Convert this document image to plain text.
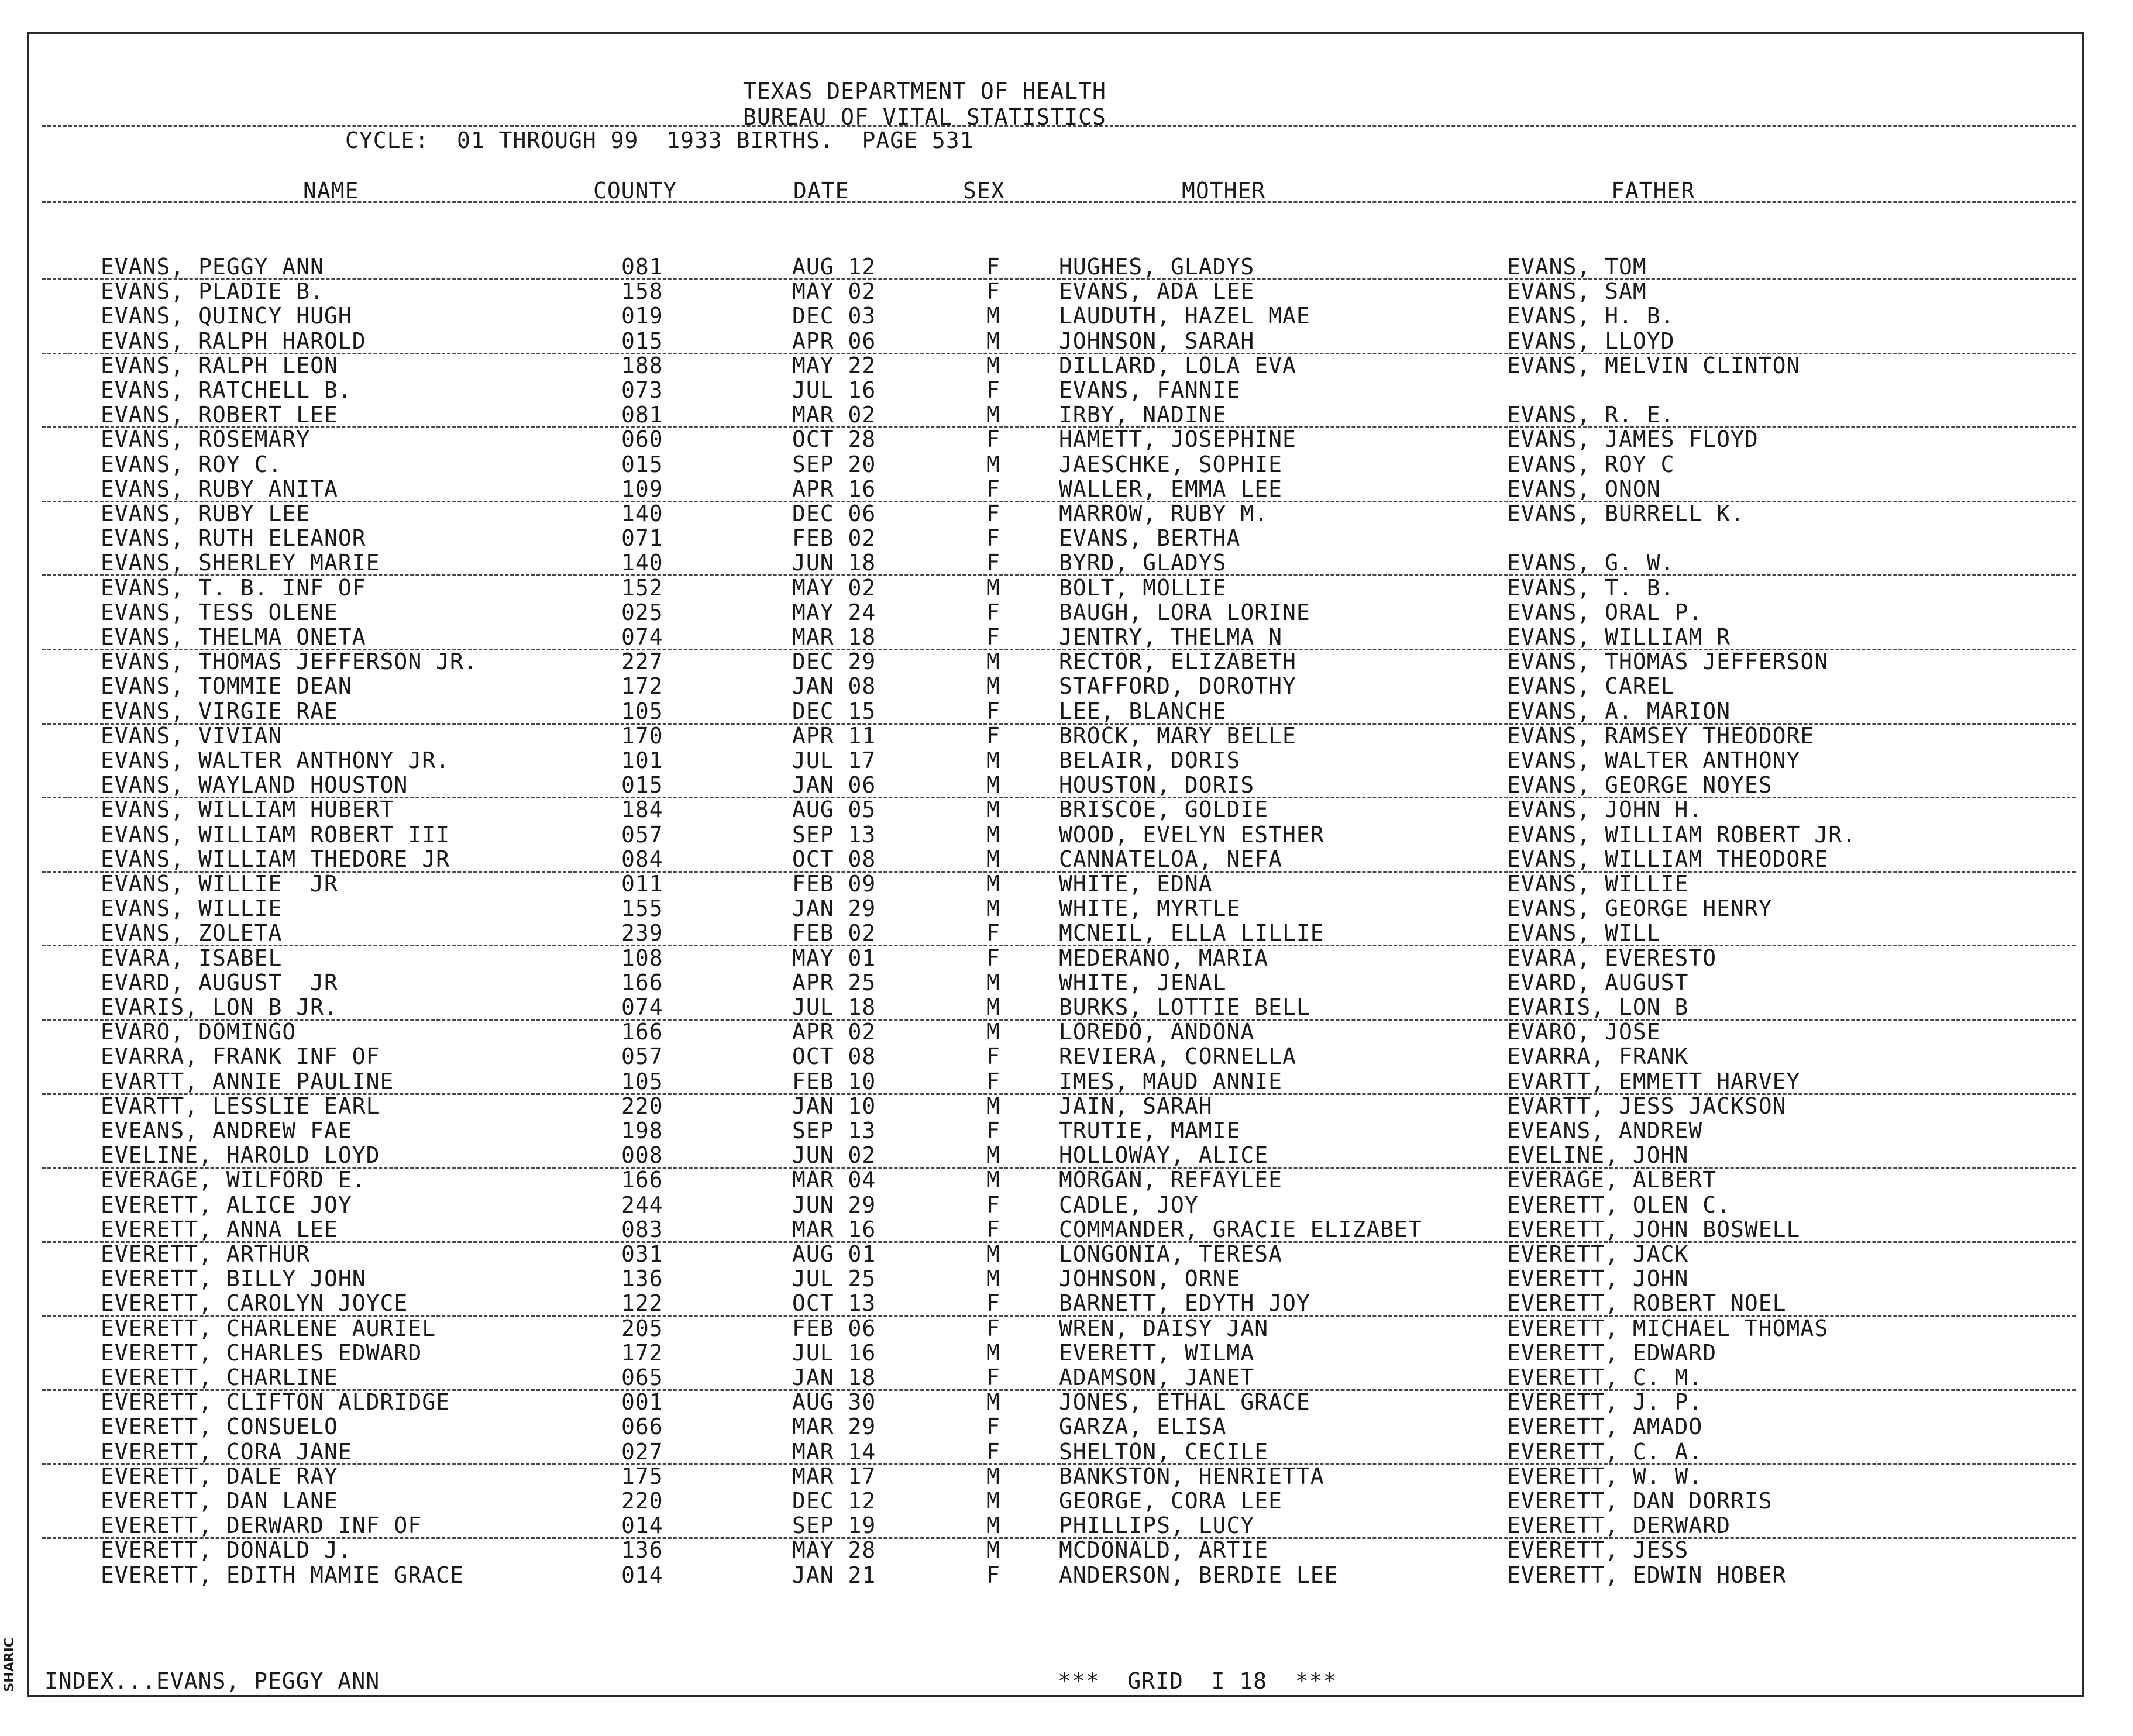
TEXAS DEPARTMENT OF HEALTH
BUREAU OF VITAL STATISTICS
CYCLE:  01 THROUGH 99  1933 BIRTHS.  PAGE 531
NAME	COUNTY	DATE	SEX	MOTHER	FATHER
EVANS, PEGGY ANN	081	AUG 12	F	HUGHES, GLADYS	EVANS, TOM
EVANS, PLADIE B.	158	MAY 02	F	EVANS, ADA LEE	EVANS, SAM
EVANS, QUINCY HUGH	019	DEC 03	M	LAUDUTH, HAZEL MAE	EVANS, H. B.
EVANS, RALPH HAROLD	015	APR 06	M	JOHNSON, SARAH	EVANS, LLOYD
EVANS, RALPH LEON	188	MAY 22	M	DILLARD, LOLA EVA	EVANS, MELVIN CLINTON
EVANS, RATCHELL B.	073	JUL 16	F	EVANS, FANNIE
EVANS, ROBERT LEE	081	MAR 02	M	IRBY, NADINE	EVANS, R. E.
EVANS, ROSEMARY	060	OCT 28	F	HAMETT, JOSEPHINE	EVANS, JAMES FLOYD
EVANS, ROY C.	015	SEP 20	M	JAESCHKE, SOPHIE	EVANS, ROY C
EVANS, RUBY ANITA	109	APR 16	F	WALLER, EMMA LEE	EVANS, ONON
EVANS, RUBY LEE	140	DEC 06	F	MARROW, RUBY M.	EVANS, BURRELL K.
EVANS, RUTH ELEANOR	071	FEB 02	F	EVANS, BERTHA
EVANS, SHERLEY MARIE	140	JUN 18	F	BYRD, GLADYS	EVANS, G. W.
EVANS, T. B. INF OF	152	MAY 02	M	BOLT, MOLLIE	EVANS, T. B.
EVANS, TESS OLENE	025	MAY 24	F	BAUGH, LORA LORINE	EVANS, ORAL P.
EVANS, THELMA ONETA	074	MAR 18	F	JENTRY, THELMA N	EVANS, WILLIAM R
EVANS, THOMAS JEFFERSON JR.	227	DEC 29	M	RECTOR, ELIZABETH	EVANS, THOMAS JEFFERSON
EVANS, TOMMIE DEAN	172	JAN 08	M	STAFFORD, DOROTHY	EVANS, CAREL
EVANS, VIRGIE RAE	105	DEC 15	F	LEE, BLANCHE	EVANS, A. MARION
EVANS, VIVIAN	170	APR 11	F	BROCK, MARY BELLE	EVANS, RAMSEY THEODORE
EVANS, WALTER ANTHONY JR.	101	JUL 17	M	BELAIR, DORIS	EVANS, WALTER ANTHONY
EVANS, WAYLAND HOUSTON	015	JAN 06	M	HOUSTON, DORIS	EVANS, GEORGE NOYES
EVANS, WILLIAM HUBERT	184	AUG 05	M	BRISCOE, GOLDIE	EVANS, JOHN H.
EVANS, WILLIAM ROBERT III	057	SEP 13	M	WOOD, EVELYN ESTHER	EVANS, WILLIAM ROBERT JR.
EVANS, WILLIAM THEDORE JR	084	OCT 08	M	CANNATELOA, NEFA	EVANS, WILLIAM THEODORE
EVANS, WILLIE  JR	011	FEB 09	M	WHITE, EDNA	EVANS, WILLIE
EVANS, WILLIE	155	JAN 29	M	WHITE, MYRTLE	EVANS, GEORGE HENRY
EVANS, ZOLETA	239	FEB 02	F	MCNEIL, ELLA LILLIE	EVANS, WILL
EVARA, ISABEL	108	MAY 01	F	MEDERANO, MARIA	EVARA, EVERESTO
EVARD, AUGUST  JR	166	APR 25	M	WHITE, JENAL	EVARD, AUGUST
EVARIS, LON B JR.	074	JUL 18	M	BURKS, LOTTIE BELL	EVARIS, LON B
EVARO, DOMINGO	166	APR 02	M	LOREDO, ANDONA	EVARO, JOSE
EVARRA, FRANK INF OF	057	OCT 08	F	REVIERA, CORNELLA	EVARRA, FRANK
EVARTT, ANNIE PAULINE	105	FEB 10	F	IMES, MAUD ANNIE	EVARTT, EMMETT HARVEY
EVARTT, LESSLIE EARL	220	JAN 10	M	JAIN, SARAH	EVARTT, JESS JACKSON
EVEANS, ANDREW FAE	198	SEP 13	F	TRUTIE, MAMIE	EVEANS, ANDREW
EVELINE, HAROLD LOYD	008	JUN 02	M	HOLLOWAY, ALICE	EVELINE, JOHN
EVERAGE, WILFORD E.	166	MAR 04	M	MORGAN, REFAYLEE	EVERAGE, ALBERT
EVERETT, ALICE JOY	244	JUN 29	F	CADLE, JOY	EVERETT, OLEN C.
EVERETT, ANNA LEE	083	MAR 16	F	COMMANDER, GRACIE ELIZABET	EVERETT, JOHN BOSWELL
EVERETT, ARTHUR	031	AUG 01	M	LONGONIA, TERESA	EVERETT, JACK
EVERETT, BILLY JOHN	136	JUL 25	M	JOHNSON, ORNE	EVERETT, JOHN
EVERETT, CAROLYN JOYCE	122	OCT 13	F	BARNETT, EDYTH JOY	EVERETT, ROBERT NOEL
EVERETT, CHARLENE AURIEL	205	FEB 06	F	WREN, DAISY JAN	EVERETT, MICHAEL THOMAS
EVERETT, CHARLES EDWARD	172	JUL 16	M	EVERETT, WILMA	EVERETT, EDWARD
EVERETT, CHARLINE	065	JAN 18	F	ADAMSON, JANET	EVERETT, C. M.
EVERETT, CLIFTON ALDRIDGE	001	AUG 30	M	JONES, ETHAL GRACE	EVERETT, J. P.
EVERETT, CONSUELO	066	MAR 29	F	GARZA, ELISA	EVERETT, AMADO
EVERETT, CORA JANE	027	MAR 14	F	SHELTON, CECILE	EVERETT, C. A.
EVERETT, DALE RAY	175	MAR 17	M	BANKSTON, HENRIETTA	EVERETT, W. W.
EVERETT, DAN LANE	220	DEC 12	M	GEORGE, CORA LEE	EVERETT, DAN DORRIS
EVERETT, DERWARD INF OF	014	SEP 19	M	PHILLIPS, LUCY	EVERETT, DERWARD
EVERETT, DONALD J.	136	MAY 28	M	MCDONALD, ARTIE	EVERETT, JESS
EVERETT, EDITH MAMIE GRACE	014	JAN 21	F	ANDERSON, BERDIE LEE	EVERETT, EDWIN HOBER
INDEX...EVANS, PEGGY ANN	***  GRID  I 18  ***
SHARIC
